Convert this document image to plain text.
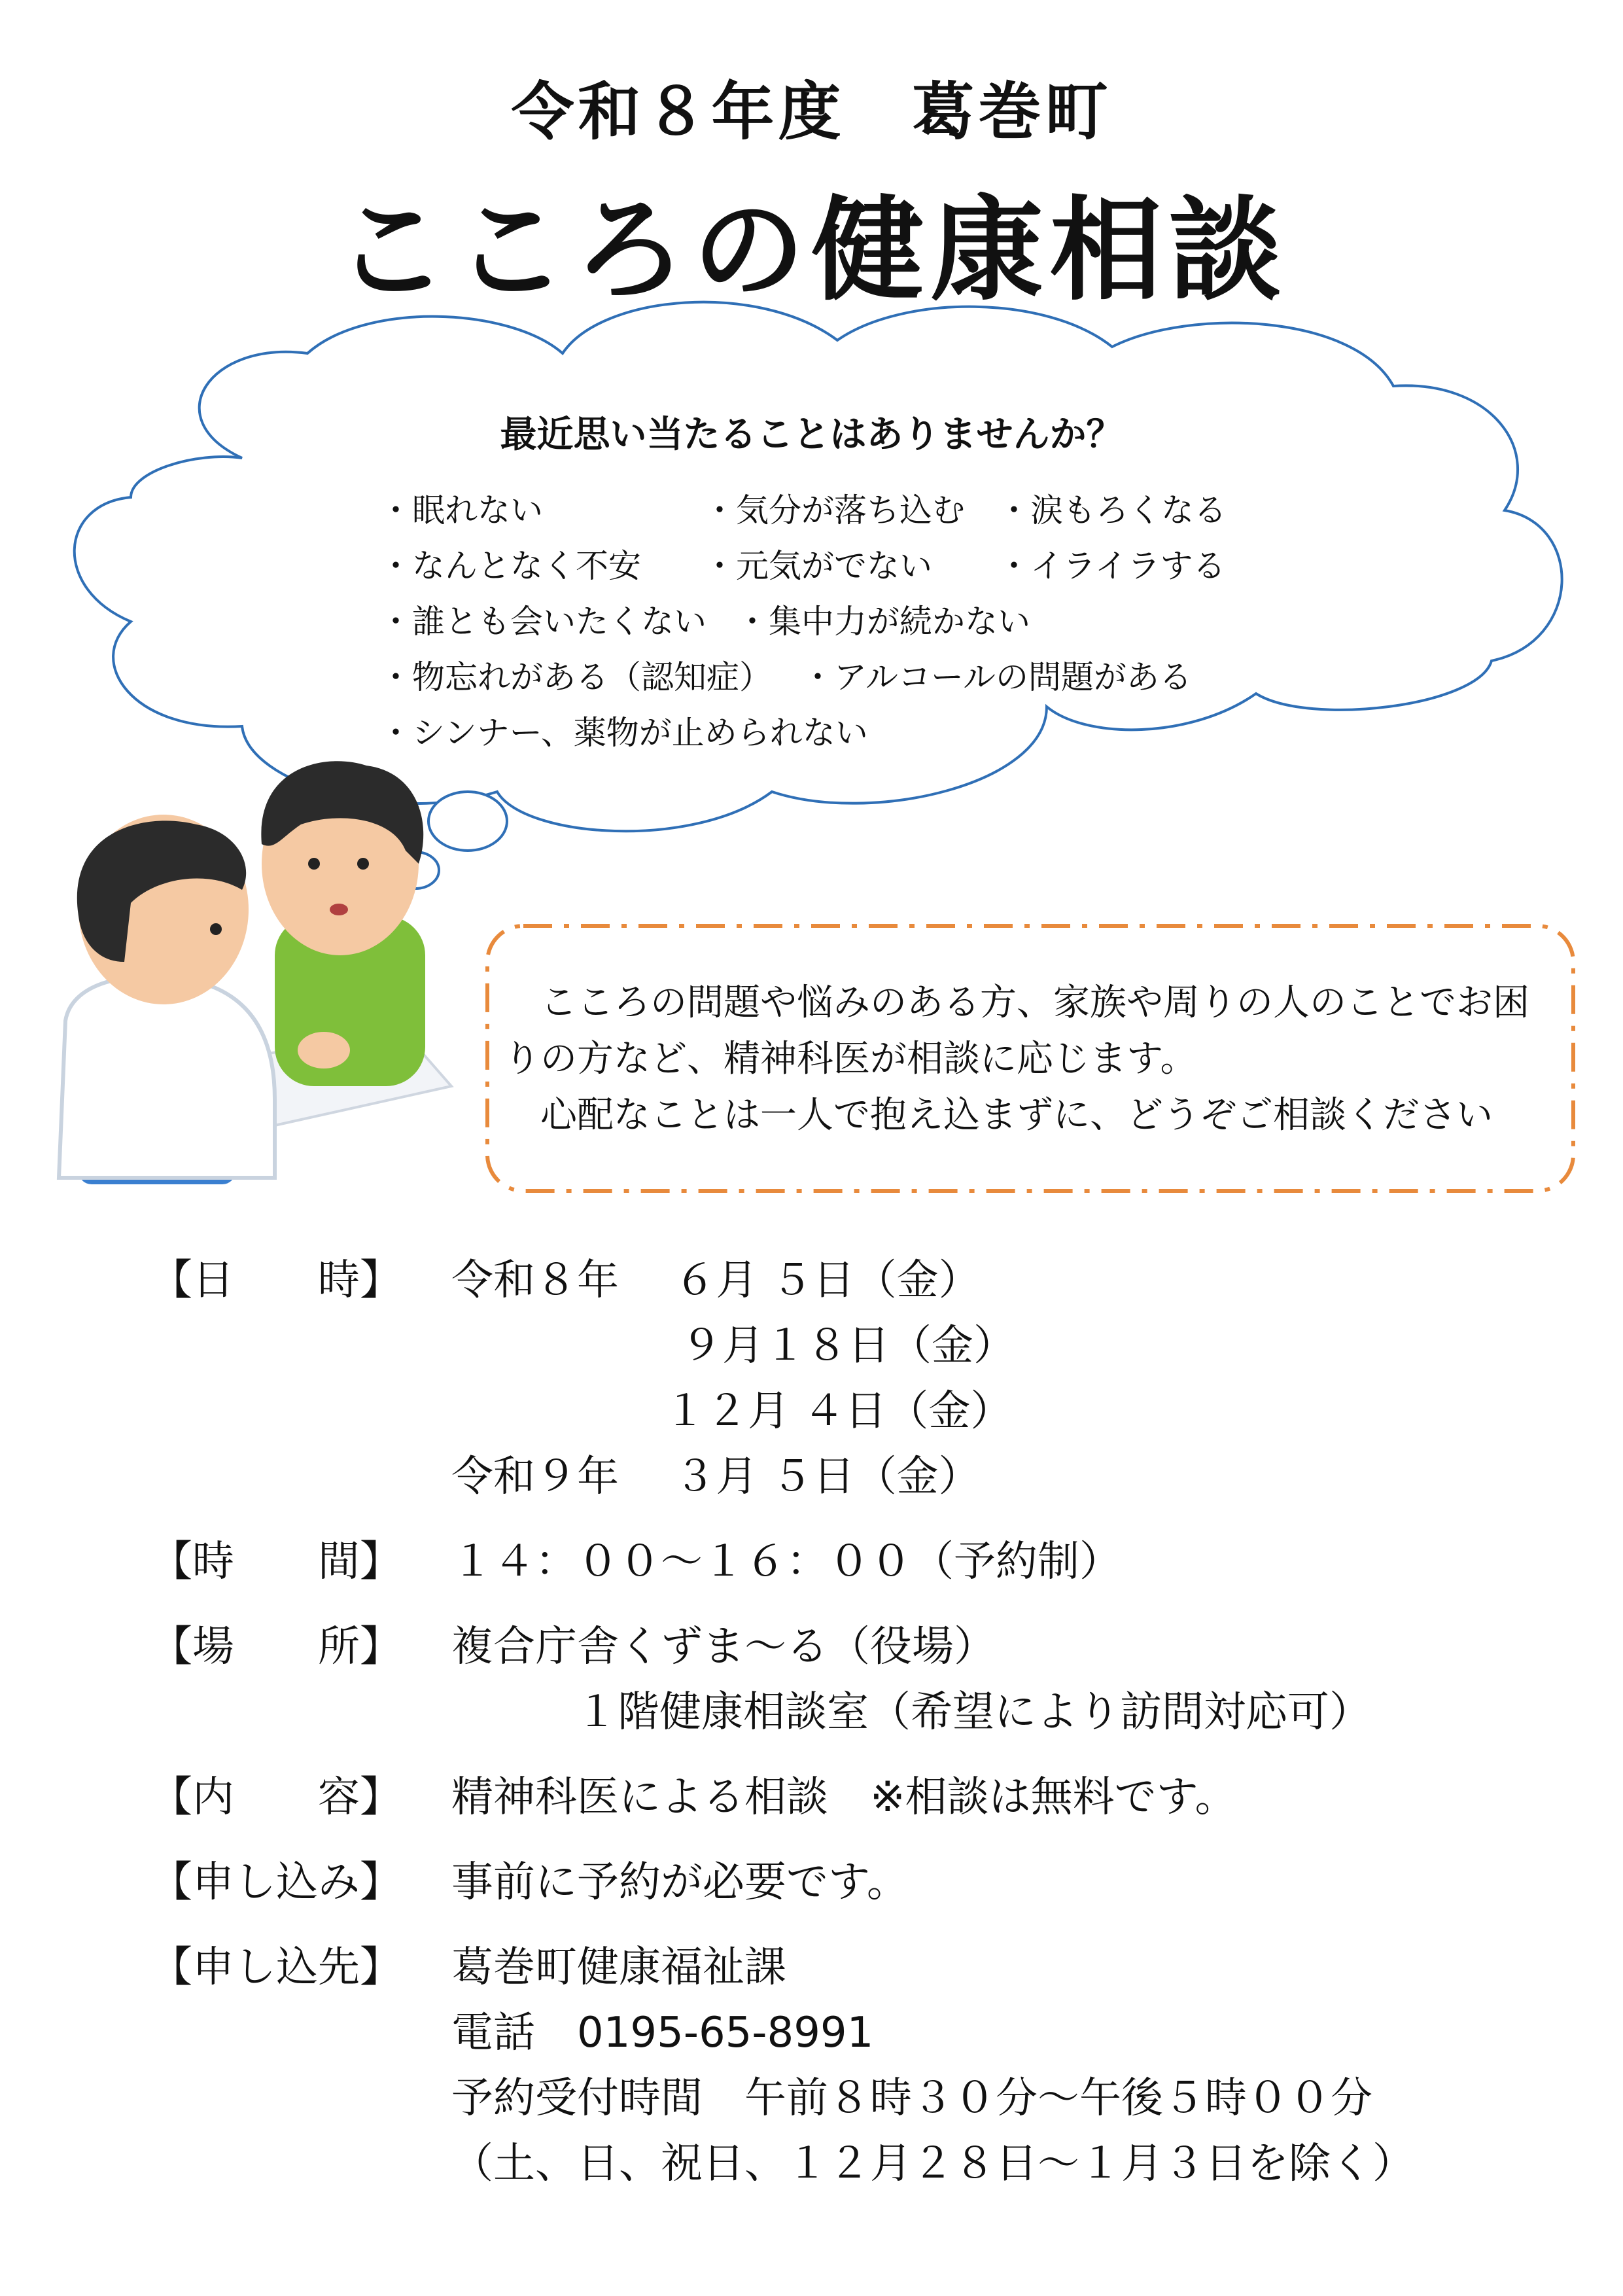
令和８年度　葛巻町
こころの健康相談
最近思い当たることはありませんか？
・眠れない	・気分が落ち込む ・涙もろくなる
・なんとなく不安 ・元気がでない ・イライラする
・誰とも会いたくない ・集中力が続かない
・物忘れがある（認知症） ・アルコールの問題がある
・シンナー、薬物が止められない

こころの問題や悩みのある方、家族や周りの人のことでお困りの方など、精神科医が相談に応じます。

心配なことは一人で抱え込まずに、どうぞご相談ください

【日　　時】 令和８年　 ６月 ５日（金）
９月１８日（金）
１２月 ４日（金）
令和９年　 ３月 ５日（金）
【時　　間】 １４：００～１６：００（予約制）
【場　　所】 複合庁舎くずま～る（役場）
１階健康相談室（希望により訪問対応可）
【内　　容】 精神科医による相談　※相談は無料です。
【申し込み】 事前に予約が必要です。
【申し込先】 葛巻町健康福祉課
電話　0195-65-8991
予約受付時間　午前８時３０分～午後５時００分
（土、日、祝日、１２月２８日～１月３日を除く）
